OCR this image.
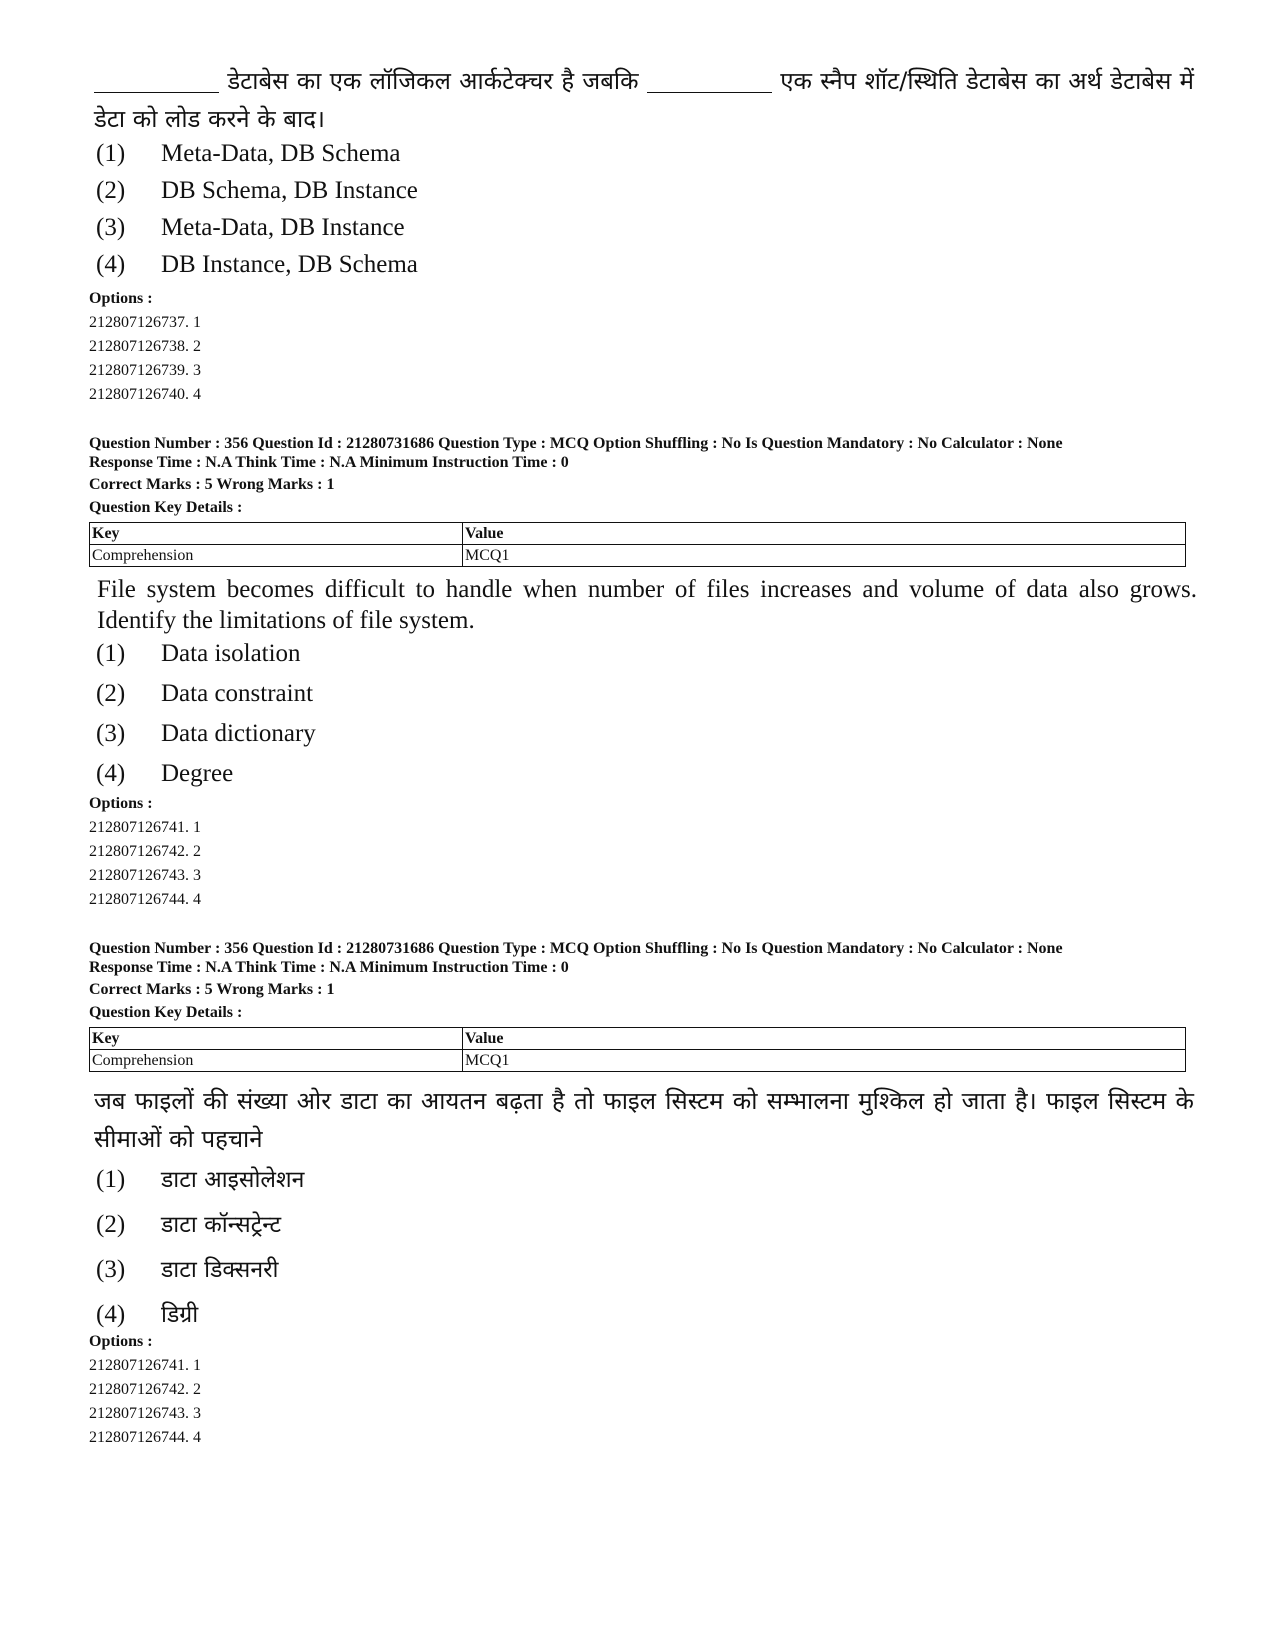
डेटाबेस का एक लॉजिकल आर्कटेक्चर है जबकि	एक स्नैप शॉट/स्थिति डेटाबेस का अर्थ डेटाबेस में डेटा को लोड करने के बाद।
(1)	Meta-Data, DB Schema
(2)	DB Schema, DB Instance
(3)	Meta-Data, DB Instance
(4)	DB Instance, DB Schema
Options :
212807126737. 1
212807126738. 2
212807126739. 3
212807126740. 4
Question Number : 356 Question Id : 21280731686 Question Type : MCQ Option Shuffling : No Is Question Mandatory : No Calculator : None
Response Time : N.A Think Time : N.A Minimum Instruction Time : 0
Correct Marks : 5 Wrong Marks : 1
Question Key Details :
Key	Value
Comprehension	MCQ1
File system becomes difficult to handle when number of files increases and volume of data also grows. Identify the limitations of file system.
(1)	Data isolation
(2)	Data constraint
(3)	Data dictionary
(4)	Degree
Options :
212807126741. 1
212807126742. 2
212807126743. 3
212807126744. 4
Question Number : 356 Question Id : 21280731686 Question Type : MCQ Option Shuffling : No Is Question Mandatory : No Calculator : None
Response Time : N.A Think Time : N.A Minimum Instruction Time : 0
Correct Marks : 5 Wrong Marks : 1
Question Key Details :
Key	Value
Comprehension	MCQ1
जब फाइलों की संख्या ओर डाटा का आयतन बढ़ता है तो फाइल सिस्टम को सम्भालना मुश्किल हो जाता है। फाइल सिस्टम के सीमाओं को पहचाने
(1)	डाटा आइसोलेशन
(2)	डाटा कॉन्सट्रेन्ट
(3)	डाटा डिक्सनरी
(4)	डिग्री
Options :
212807126741. 1
212807126742. 2
212807126743. 3
212807126744. 4
